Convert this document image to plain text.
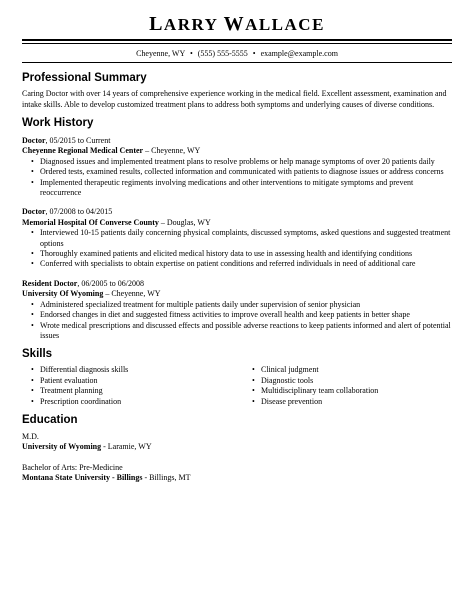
LARRY WALLACE
Cheyenne, WY • (555) 555-5555 • example@example.com
Professional Summary

Caring Doctor with over 14 years of comprehensive experience working in the medical field. Excellent assessment, examination and intake skills. Able to develop customized treatment plans to address both symptoms and underlying causes of diverse conditions.

Work History
Doctor, 05/2015 to Current
Cheyenne Regional Medical Center – Cheyenne, WY
• Diagnosed issues and implemented treatment plans to resolve problems or help manage symptoms of over 20 patients daily
• Ordered tests, examined results, collected information and communicated with patients to diagnose issues or address concerns
• Implemented therapeutic regiments involving medications and other interventions to mitigate symptoms and prevent reoccurrence
Doctor, 07/2008 to 04/2015
Memorial Hospital Of Converse County – Douglas, WY
• Interviewed 10-15 patients daily concerning physical complaints, discussed symptoms, asked questions and suggested treatment options
• Thoroughly examined patients and elicited medical history data to use in assessing health and identifying conditions
• Conferred with specialists to obtain expertise on patient conditions and referred individuals in need of additional care
Resident Doctor, 06/2005 to 06/2008
University Of Wyoming – Cheyenne, WY
• Administered specialized treatment for multiple patients daily under supervision of senior physician
• Endorsed changes in diet and suggested fitness activities to improve overall health and keep patients in better shape
• Wrote medical prescriptions and discussed effects and possible adverse reactions to keep patients informed and alert of potential issues
Skills
• Differential diagnosis skills
• Patient evaluation
• Treatment planning
• Prescription coordination
• Clinical judgment
• Diagnostic tools
• Multidisciplinary team collaboration
• Disease prevention
Education
M.D.
University of Wyoming - Laramie, WY
Bachelor of Arts: Pre-Medicine
Montana State University - Billings - Billings, MT
